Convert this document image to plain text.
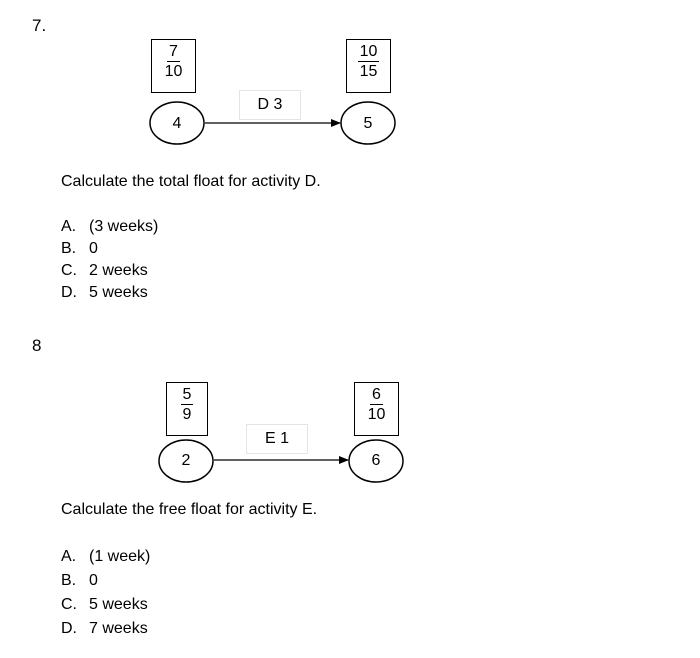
7.
7
10
10
15
D 3
4	5
Calculate the total float for activity D.
A. (3 weeks)
B. 0
C. 2 weeks
D. 5 weeks
8
5
9
6
10
E 1
2	6
Calculate the free float for activity E.
A. (1 week)
B. 0
C. 5 weeks
D. 7 weeks
